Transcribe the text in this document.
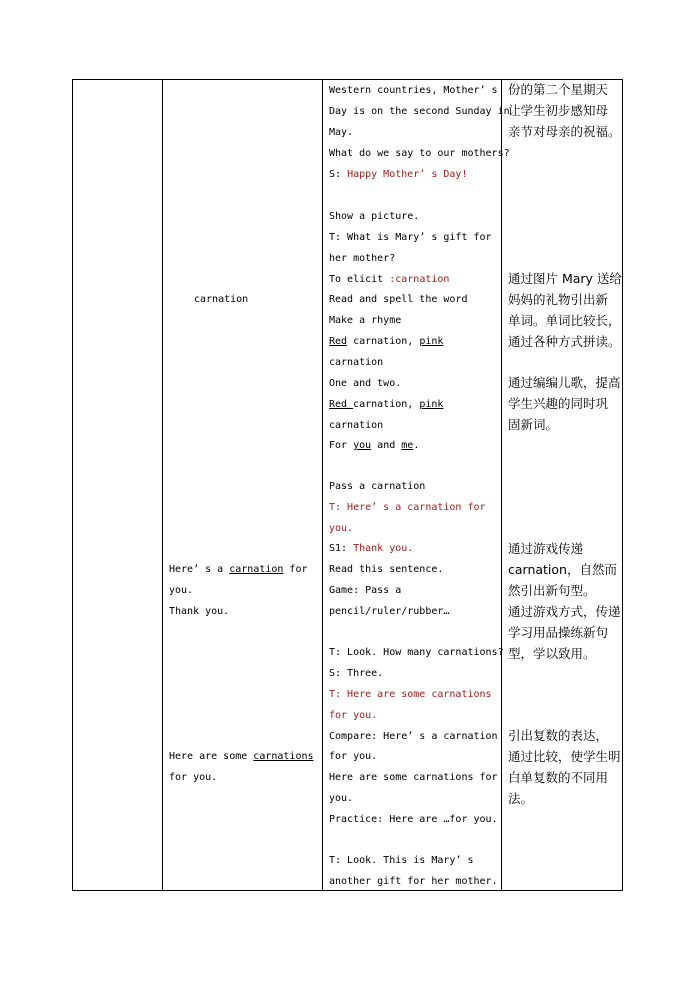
carnation
Here’ s a carnation for
you.
Thank you.
Here are some carnations
for you.
Western countries, Mother’ s
Day is on the second Sunday in
May.
What do we say to our mothers?
S: Happy Mother’ s Day!
Show a picture.
T: What is Mary’ s gift for
her mother?
To elicit :carnation
Read and spell the word
Make a rhyme
Red carnation, pink
carnation
One and two.
Red carnation, pink
carnation
For you and me.
Pass a carnation
T: Here’ s a carnation for
you.
S1: Thank you.
Read this sentence.
Game: Pass a
pencil/ruler/rubber…
T: Look. How many carnations?
S: Three.
T: Here are some carnations
for you.
Compare: Here’ s a carnation
for you.
Here are some carnations for
you.
Practice: Here are …for you.
T: Look. This is Mary’ s
another gift for her mother.
份的第二个星期天
让学生初步感知母
亲节对母亲的祝福。
通过图片 Mary 送给
妈妈的礼物引出新
单词。单词比较长，
通过各种方式拼读。
通过编编儿歌，提高
学生兴趣的同时巩
固新词。
通过游戏传递
carnation，自然而
然引出新句型。
通过游戏方式，传递
学习用品操练新句
型，学以致用。
引出复数的表达，
通过比较，使学生明
白单复数的不同用
法。
